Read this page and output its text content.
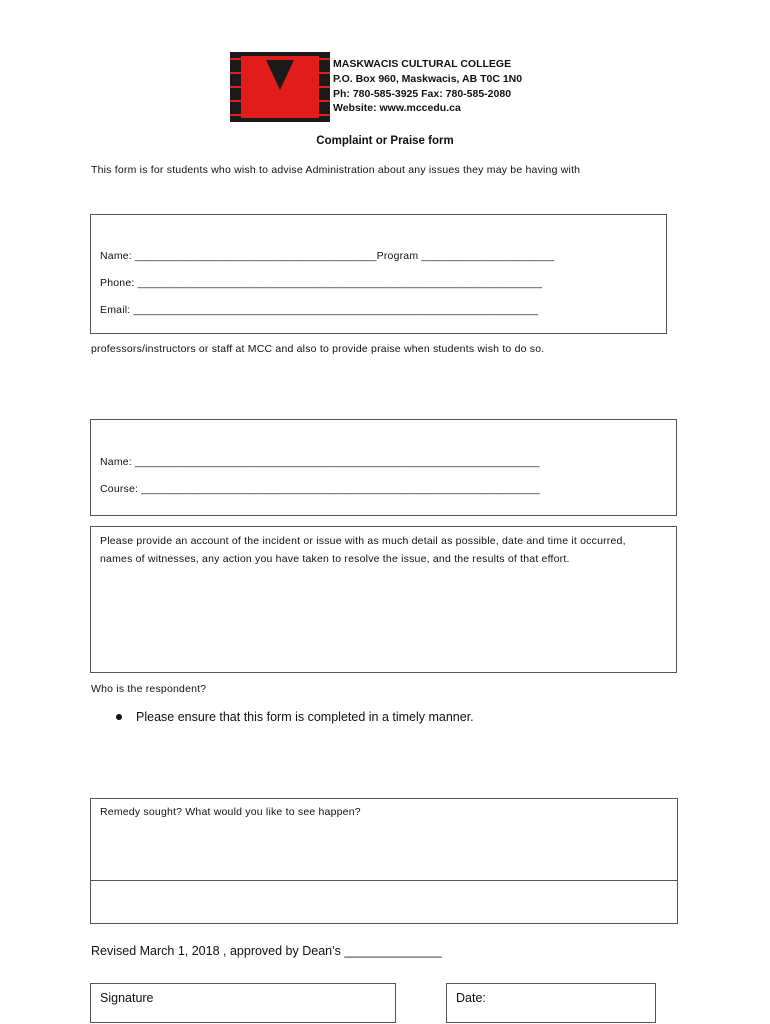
MASKWACIS CULTURAL COLLEGE
P.O. Box 960, Maskwacis, AB T0C 1N0
Ph: 780-585-3925 Fax: 780-585-2080
Website: www.mccedu.ca
Complaint or Praise form
This form is for students who wish to advise Administration about any issues they may be having with
Name: ________________________________________Program ______________________
Phone: ___________________________________________________________________
Email: ___________________________________________________________________
professors/instructors or staff at MCC and also to provide praise when students wish to do so.
Name: ___________________________________________________________________
Course: __________________________________________________________________
Please provide an account of the incident or issue with as much detail as possible, date and time it occurred,
names of witnesses, any action you have taken to resolve the issue, and the results of that effort.
Who is the respondent?
Please ensure that this form is completed in a timely manner.
Remedy sought? What would you like to see happen?
Revised March 1, 2018 , approved by Dean’s ______________
Signature	Date:
